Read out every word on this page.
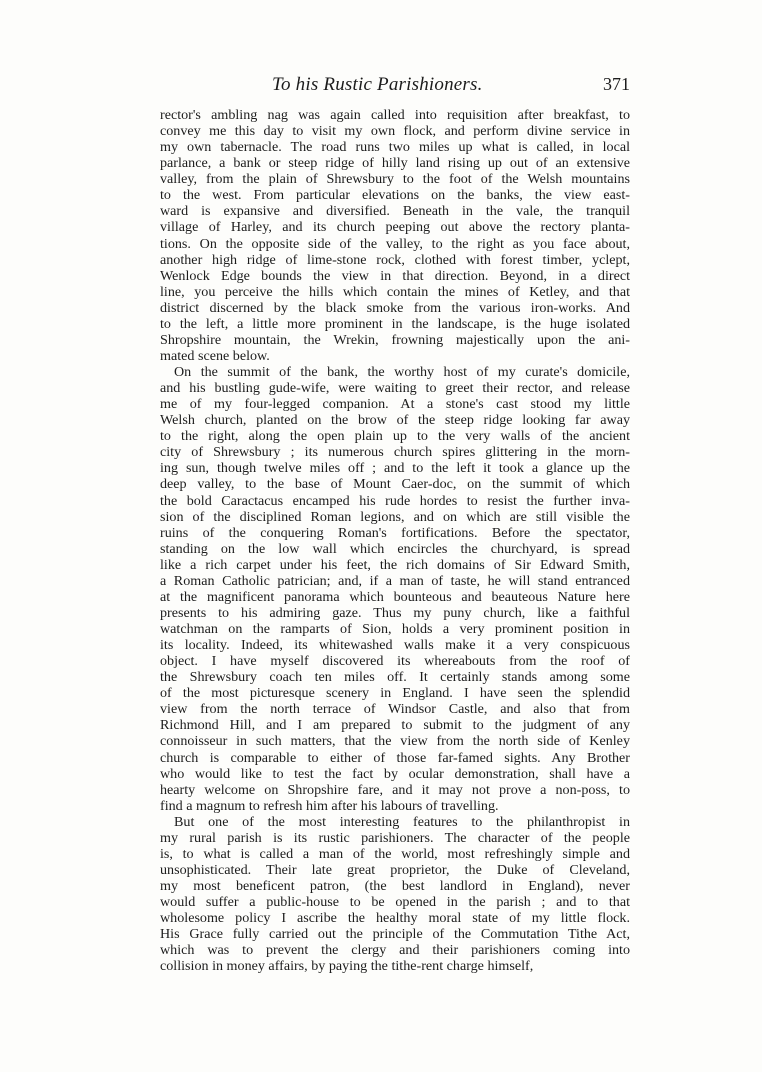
To his Rustic Parishioners.	371
rector's ambling nag was again called into requisition after breakfast, to
convey me this day to visit my own flock, and perform divine service in
my own tabernacle. The road runs two miles up what is called, in local
parlance, a bank or steep ridge of hilly land rising up out of an extensive
valley, from the plain of Shrewsbury to the foot of the Welsh mountains
to the west. From particular elevations on the banks, the view east-
ward is expansive and diversified. Beneath in the vale, the tranquil
village of Harley, and its church peeping out above the rectory planta-
tions. On the opposite side of the valley, to the right as you face about,
another high ridge of lime-stone rock, clothed with forest timber, yclept,
Wenlock Edge bounds the view in that direction. Beyond, in a direct
line, you perceive the hills which contain the mines of Ketley, and that
district discerned by the black smoke from the various iron-works. And
to the left, a little more prominent in the landscape, is the huge isolated
Shropshire mountain, the Wrekin, frowning majestically upon the ani-
mated scene below.
On the summit of the bank, the worthy host of my curate's domicile,
and his bustling gude-wife, were waiting to greet their rector, and release
me of my four-legged companion. At a stone's cast stood my little
Welsh church, planted on the brow of the steep ridge looking far away
to the right, along the open plain up to the very walls of the ancient
city of Shrewsbury ; its numerous church spires glittering in the morn-
ing sun, though twelve miles off ; and to the left it took a glance up the
deep valley, to the base of Mount Caer-doc, on the summit of which
the bold Caractacus encamped his rude hordes to resist the further inva-
sion of the disciplined Roman legions, and on which are still visible the
ruins of the conquering Roman's fortifications. Before the spectator,
standing on the low wall which encircles the churchyard, is spread
like a rich carpet under his feet, the rich domains of Sir Edward Smith,
a Roman Catholic patrician; and, if a man of taste, he will stand entranced
at the magnificent panorama which bounteous and beauteous Nature here
presents to his admiring gaze. Thus my puny church, like a faithful
watchman on the ramparts of Sion, holds a very prominent position in
its locality. Indeed, its whitewashed walls make it a very conspicuous
object. I have myself discovered its whereabouts from the roof of
the Shrewsbury coach ten miles off. It certainly stands among some
of the most picturesque scenery in England. I have seen the splendid
view from the north terrace of Windsor Castle, and also that from
Richmond Hill, and I am prepared to submit to the judgment of any
connoisseur in such matters, that the view from the north side of Kenley
church is comparable to either of those far-famed sights. Any Brother
who would like to test the fact by ocular demonstration, shall have a
hearty welcome on Shropshire fare, and it may not prove a non-poss, to
find a magnum to refresh him after his labours of travelling.
But one of the most interesting features to the philanthropist in
my rural parish is its rustic parishioners. The character of the people
is, to what is called a man of the world, most refreshingly simple and
unsophisticated. Their late great proprietor, the Duke of Cleveland,
my most beneficent patron, (the best landlord in England), never
would suffer a public-house to be opened in the parish ; and to that
wholesome policy I ascribe the healthy moral state of my little flock.
His Grace fully carried out the principle of the Commutation Tithe Act,
which was to prevent the clergy and their parishioners coming into
collision in money affairs, by paying the tithe-rent charge himself,
